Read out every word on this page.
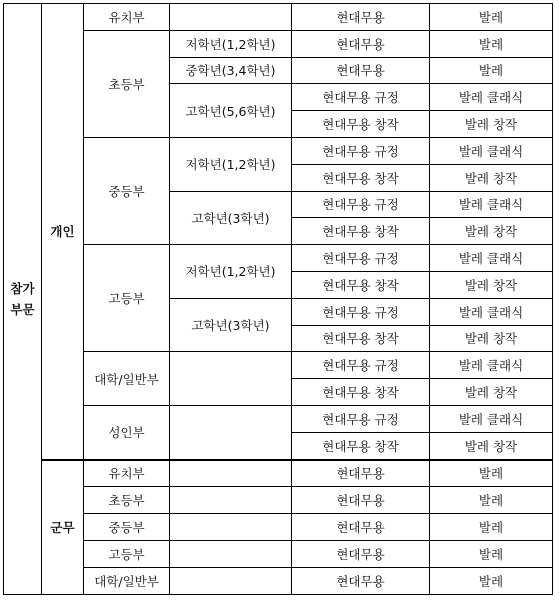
참가
부문	개인	유치부		현대무용	발레
		초등부	저학년(1,2학년)	현대무용	발레
			중학년(3,4학년)	현대무용	발레
			고학년(5,6학년)	현대무용 규정	발레 클래식
				현대무용 창작	발레 창작
		중등부	저학년(1,2학년)	현대무용 규정	발레 클래식
				현대무용 창작	발레 창작
			고학년(3학년)	현대무용 규정	발레 클래식
				현대무용 창작	발레 창작
		고등부	저학년(1,2학년)	현대무용 규정	발레 클래식
				현대무용 창작	발레 창작
			고학년(3학년)	현대무용 규정	발레 클래식
				현대무용 창작	발레 창작
		대학/일반부		현대무용 규정	발레 클래식
				현대무용 창작	발레 창작
		성인부		현대무용 규정	발레 클래식
				현대무용 창작	발레 창작
	군무	유치부		현대무용	발레
		초등부		현대무용	발레
		중등부		현대무용	발레
		고등부		현대무용	발레
		대학/일반부		현대무용	발레
